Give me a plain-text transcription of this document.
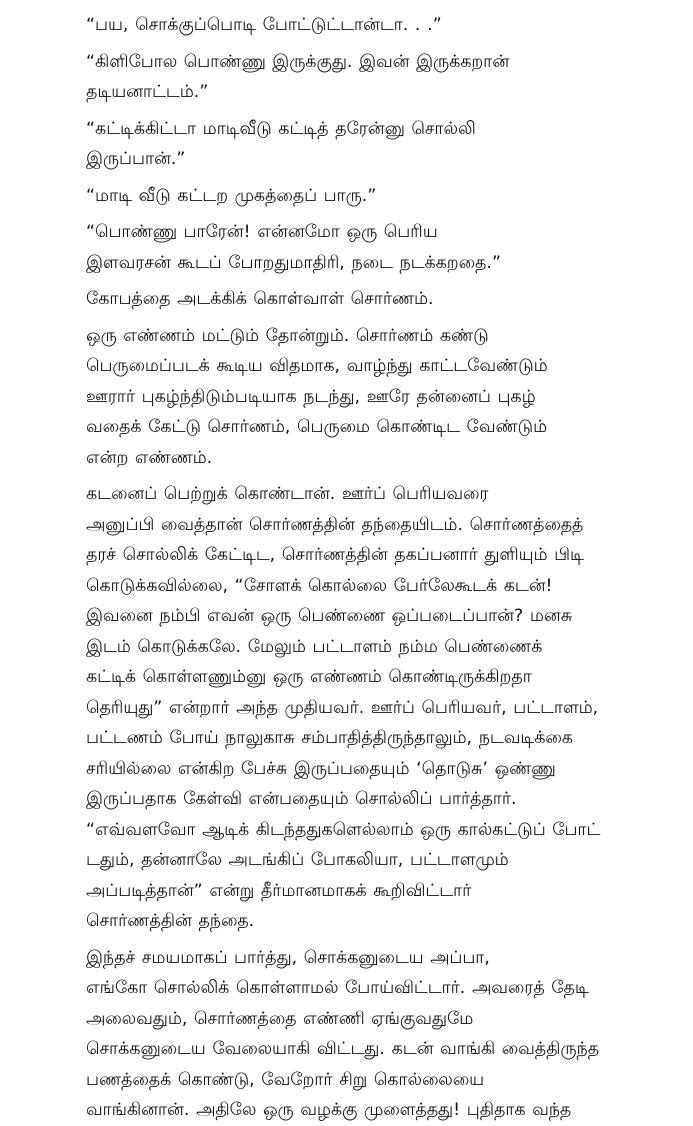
“பய, சொக்குப்பொடி போட்டுட்டான்டா. . .”
“கிளிபோல பொண்ணு இருக்குது. இவன் இருக்கறான்
தடியனாட்டம்.”
“கட்டிக்கிட்டா மாடிவீடு கட்டித் தரேன்னு சொல்லி
இருப்பான்.”
“மாடி வீடு கட்டற முகத்தைப் பாரு.”
“பொண்ணு பாரேன்! என்னமோ ஒரு பெரிய
இளவரசன் கூடப் போறதுமாதிரி, நடை நடக்கறதை.”
கோபத்தை அடக்கிக் கொள்வாள் சொர்ணம்.
ஒரு எண்ணம் மட்டும் தோன்றும். சொர்ணம் கண்டு
பெருமைப்படக் கூடிய விதமாக, வாழ்ந்து காட்டவேண்டும்
ஊரார் புகழ்ந்திடும்படியாக நடந்து, ஊரே தன்னைப் புகழ்
வதைக் கேட்டு சொர்ணம், பெருமை கொண்டிட வேண்டும்
என்ற எண்ணம்.
கடனைப் பெற்றுக் கொண்டான். ஊர்ப் பெரியவரை
அனுப்பி வைத்தான் சொர்ணத்தின் தந்தையிடம். சொர்ணத்தைத்
தரச் சொல்லிக் கேட்டிட, சொர்ணத்தின் தகப்பனார் துளியும் பிடி
கொடுக்கவில்லை, “சோளக் கொல்லை பேர்லேகூடக் கடன்!
இவனை நம்பி எவன் ஒரு பெண்ணை ஒப்படைப்பான்? மனசு
இடம் கொடுக்கலே. மேலும் பட்டாளம் நம்ம பெண்ணைக்
கட்டிக் கொள்ளணும்னு ஒரு எண்ணம் கொண்டிருக்கிறதா
தெரியுது” என்றார் அந்த முதியவர். ஊர்ப் பெரியவர், பட்டாளம்,
பட்டணம் போய் நாலுகாசு சம்பாதித்திருந்தாலும், நடவடிக்கை
சரியில்லை என்கிற பேச்சு இருப்பதையும் ‘தொடுசு’ ஒண்ணு
இருப்பதாக கேள்வி என்பதையும் சொல்லிப் பார்த்தார்.
“எவ்வளவோ ஆடிக் கிடந்ததுகளெல்லாம் ஒரு கால்கட்டுப் போட்
டதும், தன்னாலே அடங்கிப் போகலியா, பட்டாளமும்
அப்படித்தான்” என்று தீர்மானமாகக் கூறிவிட்டார்
சொர்ணத்தின் தந்தை.
இந்தச் சமயமாகப் பார்த்து, சொக்கனுடைய அப்பா,
எங்கோ சொல்லிக் கொள்ளாமல் போய்விட்டார். அவரைத் தேடி
அலைவதும், சொர்ணத்தை எண்ணி ஏங்குவதுமே
சொக்கனுடைய வேலையாகி விட்டது. கடன் வாங்கி வைத்திருந்த
பணத்தைக் கொண்டு, வேறோர் சிறு கொல்லையை
வாங்கினான். அதிலே ஒரு வழக்கு முளைத்தது! புதிதாக வந்த
